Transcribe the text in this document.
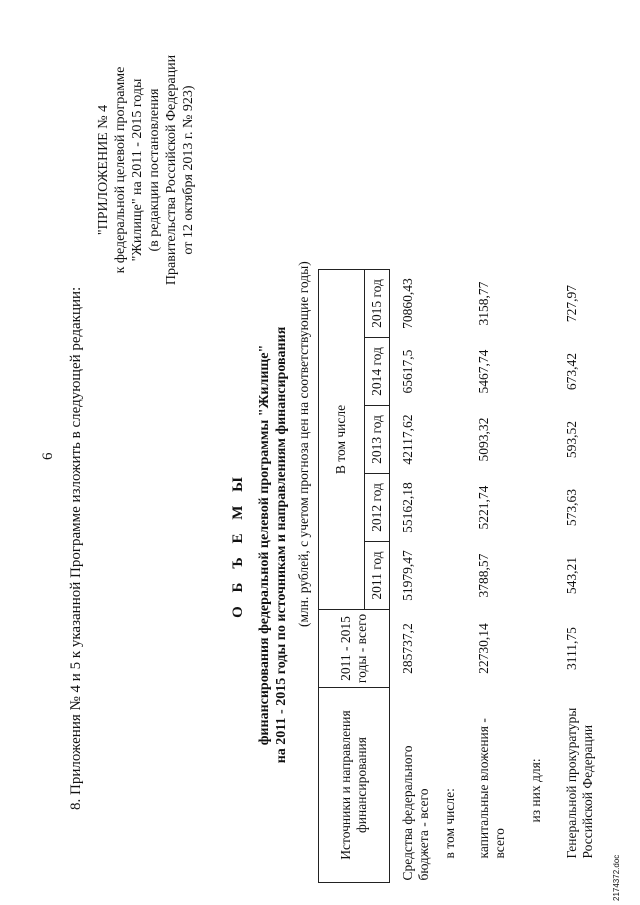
6 8. Приложения № 4 и 5 к указанной Программе изложить в следующей редакции:
"ПРИЛОЖЕНИЕ № 4 к федеральной целевой программе "Жилище" на 2011 - 2015 годы (в редакции постановления Правительства Российской Федерации от 12 октября 2013 г. № 923)
О Б Ъ Е М Ы финансирования федеральной целевой программы "Жилище" на 2011 - 2015 годы по источникам и направлениям финансирования (млн. рублей, с учетом прогноза цен на соответствующие годы)
Источники и направления финансирования	2011 - 2015 годы - всего	В том числе				
		2011 год	2012 год	2013 год	2014 год	2015 год
Средства федерального бюджета - всего	285737,2	51979,47	55162,18	42117,62	65617,5	70860,43
в том числе:						
капитальные вложения - всего	22730,14	3788,57	5221,74	5093,32	5467,74	3158,77
из них для:						
Генеральной прокуратуры Российской Федерации	3111,75	543,21	573,63	593,52	673,42	727,97
2174372.doc
